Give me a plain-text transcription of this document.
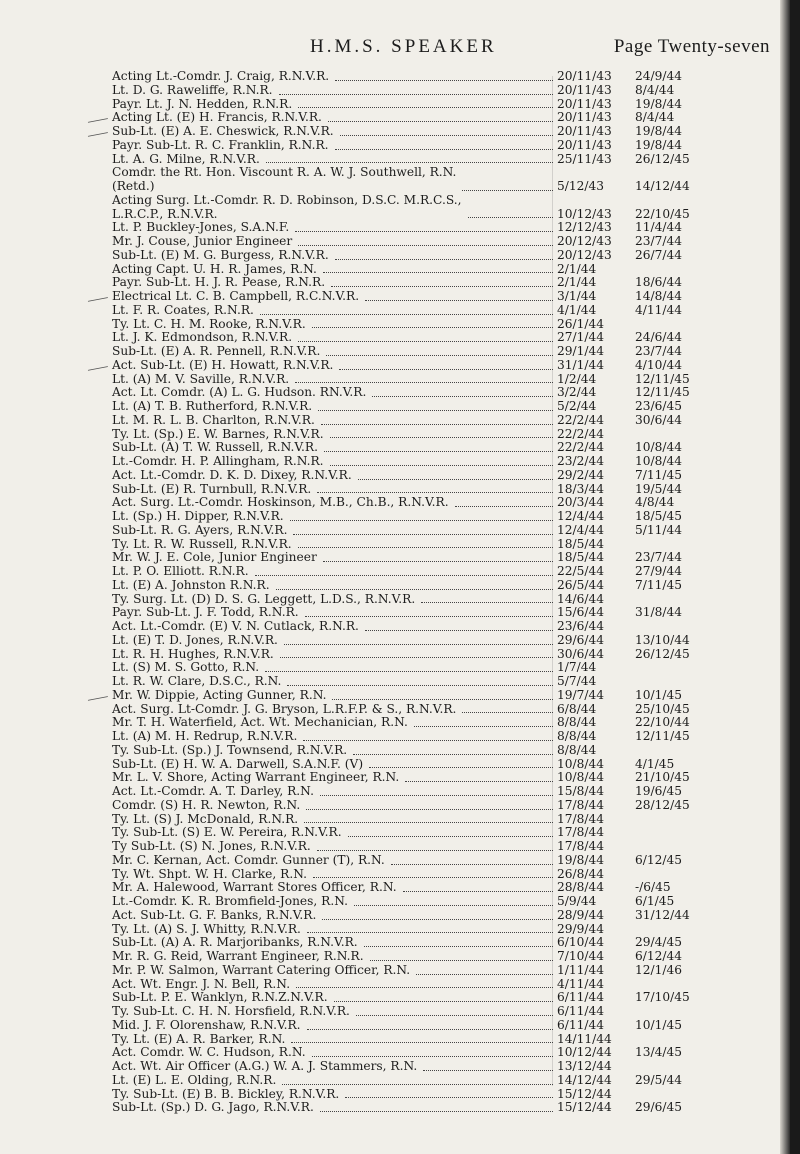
H.M.S. SPEAKER	Page Twenty-seven
Acting Lt.-Comdr. J. Craig, R.N.V.R.	20/11/43	24/9/44
Lt. D. G. Raweliffe, R.N.R.	20/11/43	8/4/44
Payr. Lt. J. N. Hedden, R.N.R.	20/11/43	19/8/44
Acting Lt. (E) H. Francis, R.N.V.R.	20/11/43	8/4/44
Sub-Lt. (E) A. E. Cheswick, R.N.V.R.	20/11/43	19/8/44
Payr. Sub-Lt. R. C. Franklin, R.N.R.	20/11/43	19/8/44
Lt. A. G. Milne, R.N.V.R.	25/11/43	26/12/45
Comdr. the Rt. Hon. Viscount R. A. W. J. Southwell, R.N.
(Retd.)	5/12/43	14/12/44
Acting Surg. Lt.-Comdr. R. D. Robinson, D.S.C. M.R.C.S.,
L.R.C.P., R.N.V.R.	10/12/43	22/10/45
Lt. P. Buckley-Jones, S.A.N.F.	12/12/43	11/4/44
Mr. J. Couse, Junior Engineer	20/12/43	23/7/44
Sub-Lt. (E) M. G. Burgess, R.N.V.R.	20/12/43	26/7/44
Acting Capt. U. H. R. James, R.N.	2/1/44
Payr. Sub-Lt. H. J. R. Pease, R.N.R.	2/1/44	18/6/44
Electrical Lt. C. B. Campbell, R.C.N.V.R.	3/1/44	14/8/44
Lt. F. R. Coates, R.N.R.	4/1/44	4/11/44
Ty. Lt. C. H. M. Rooke, R.N.V.R.	26/1/44
Lt. J. K. Edmondson, R.N.V.R.	27/1/44	24/6/44
Sub-Lt. (E) A. R. Pennell, R.N.V.R.	29/1/44	23/7/44
Act. Sub-Lt. (E) H. Howatt, R.N.V.R.	31/1/44	4/10/44
Lt. (A) M. V. Saville, R.N.V.R.	1/2/44	12/11/45
Act. Lt. Comdr. (A) L. G. Hudson. RN.V.R.	3/2/44	12/11/45
Lt. (A) T. B. Rutherford, R.N.V.R.	5/2/44	23/6/45
Lt. M. R. L. B. Charlton, R.N.V.R.	22/2/44	30/6/44
Ty. Lt. (Sp.) E. W. Barnes, R.N.V.R.	22/2/44
Sub-Lt. (A) T. W. Russell, R.N.V.R.	22/2/44	10/8/44
Lt.-Comdr. H. P. Allingham, R.N.R.	23/2/44	10/8/44
Act. Lt.-Comdr. D. K. D. Dixey, R.N.V.R.	29/2/44	7/11/45
Sub-Lt. (E) R. Turnbull, R.N.V.R.	18/3/44	19/5/44
Act. Surg. Lt.-Comdr. Hoskinson, M.B., Ch.B., R.N.V.R.	20/3/44	4/8/44
Lt. (Sp.) H. Dipper, R.N.V.R.	12/4/44	18/5/45
Sub-Lt. R. G. Ayers, R.N.V.R.	12/4/44	5/11/44
Ty. Lt. R. W. Russell, R.N.V.R.	18/5/44
Mr. W. J. E. Cole, Junior Engineer	18/5/44	23/7/44
Lt. P. O. Elliott. R.N.R.	22/5/44	27/9/44
Lt. (E) A. Johnston R.N.R.	26/5/44	7/11/45
Ty. Surg. Lt. (D) D. S. G. Leggett, L.D.S., R.N.V.R.	14/6/44
Payr. Sub-Lt. J. F. Todd, R.N.R.	15/6/44	31/8/44
Act. Lt.-Comdr. (E) V. N. Cutlack, R.N.R.	23/6/44
Lt. (E) T. D. Jones, R.N.V.R.	29/6/44	13/10/44
Lt. R. H. Hughes, R.N.V.R.	30/6/44	26/12/45
Lt. (S) M. S. Gotto, R.N.	1/7/44
Lt. R. W. Clare, D.S.C., R.N.	5/7/44
Mr. W. Dippie, Acting Gunner, R.N.	19/7/44	10/1/45
Act. Surg. Lt-Comdr. J. G. Bryson, L.R.F.P. & S., R.N.V.R.	6/8/44	25/10/45
Mr. T. H. Waterfield, Act. Wt. Mechanician, R.N.	8/8/44	22/10/44
Lt. (A) M. H. Redrup, R.N.V.R.	8/8/44	12/11/45
Ty. Sub-Lt. (Sp.) J. Townsend, R.N.V.R.	8/8/44
Sub-Lt. (E) H. W. A. Darwell, S.A.N.F. (V)	10/8/44	4/1/45
Mr. L. V. Shore, Acting Warrant Engineer, R.N.	10/8/44	21/10/45
Act. Lt.-Comdr. A. T. Darley, R.N.	15/8/44	19/6/45
Comdr. (S) H. R. Newton, R.N.	17/8/44	28/12/45
Ty. Lt. (S) J. McDonald, R.N.R.	17/8/44
Ty. Sub-Lt. (S) E. W. Pereira, R.N.V.R.	17/8/44
Ty Sub-Lt. (S) N. Jones, R.N.V.R.	17/8/44
Mr. C. Kernan, Act. Comdr. Gunner (T), R.N.	19/8/44	6/12/45
Ty. Wt. Shpt. W. H. Clarke, R.N.	26/8/44
Mr. A. Halewood, Warrant Stores Officer, R.N.	28/8/44	-/6/45
Lt.-Comdr. K. R. Bromfield-Jones, R.N.	5/9/44	6/1/45
Act. Sub-Lt. G. F. Banks, R.N.V.R.	28/9/44	31/12/44
Ty. Lt. (A) S. J. Whitty, R.N.V.R.	29/9/44
Sub-Lt. (A) A. R. Marjoribanks, R.N.V.R.	6/10/44	29/4/45
Mr. R. G. Reid, Warrant Engineer, R.N.R.	7/10/44	6/12/44
Mr. P. W. Salmon, Warrant Catering Officer, R.N.	1/11/44	12/1/46
Act. Wt. Engr. J. N. Bell, R.N.	4/11/44
Sub-Lt. P. E. Wanklyn, R.N.Z.N.V.R.	6/11/44	17/10/45
Ty. Sub-Lt. C. H. N. Horsfield, R.N.V.R.	6/11/44
Mid. J. F. Olorenshaw, R.N.V.R.	6/11/44	10/1/45
Ty. Lt. (E) A. R. Barker, R.N.	14/11/44
Act. Comdr. W. C. Hudson, R.N.	10/12/44	13/4/45
Act. Wt. Air Officer (A.G.) W. A. J. Stammers, R.N.	13/12/44
Lt. (E) L. E. Olding, R.N.R.	14/12/44	29/5/44
Ty. Sub-Lt. (E) B. B. Bickley, R.N.V.R.	15/12/44
Sub-Lt. (Sp.) D. G. Jago, R.N.V.R.	15/12/44	29/6/45
